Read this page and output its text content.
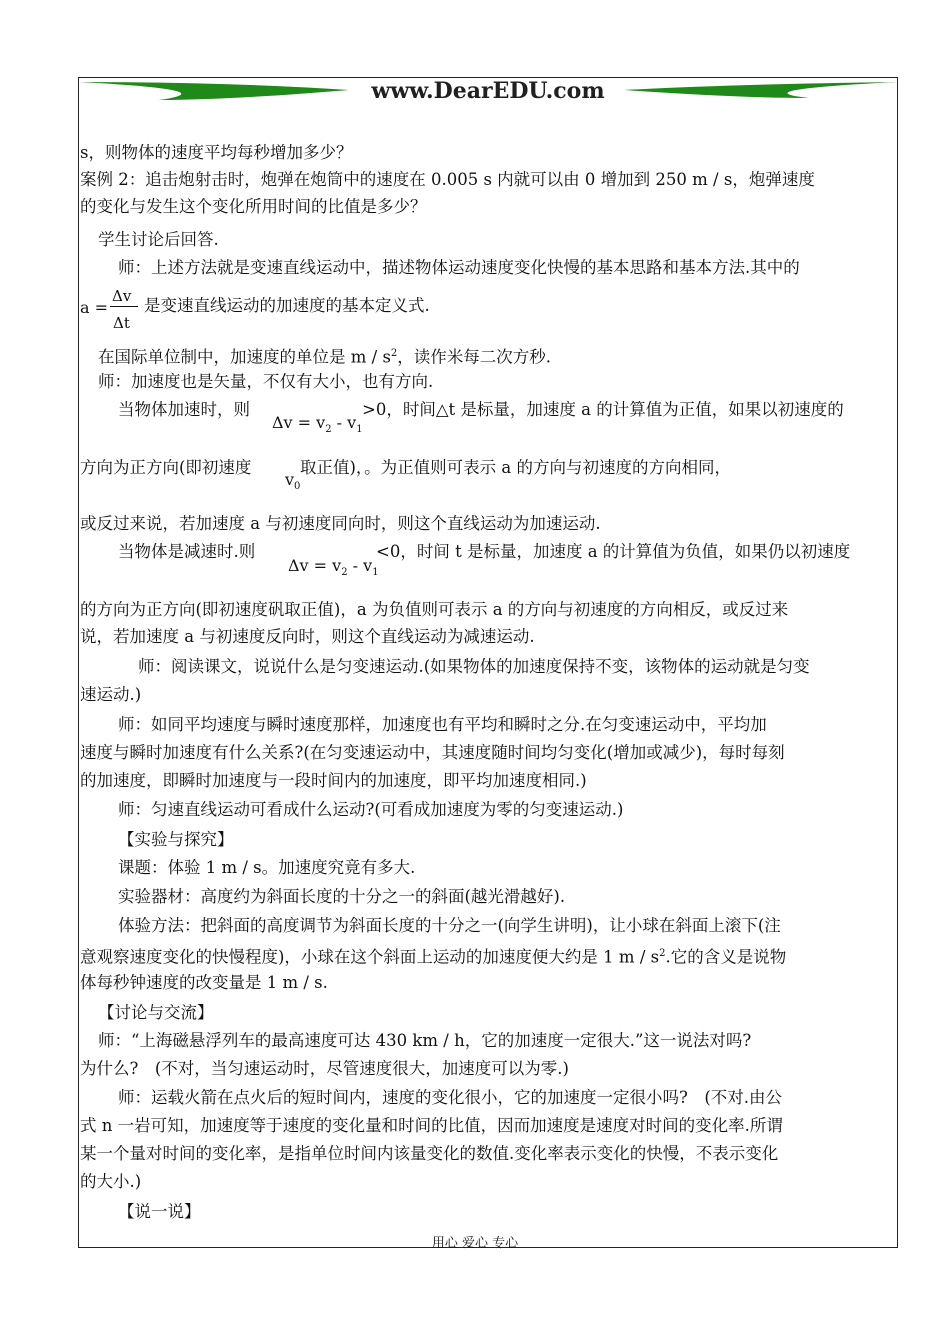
www.DearEDU.com
s，则物体的速度平均每秒增加多少？
案例 2：追击炮射击时，炮弹在炮筒中的速度在 0.005 s 内就可以由 0 增加到 250 m / s，炮弹速度
的变化与发生这个变化所用时间的比值是多少？
学生讨论后回答.
师：上述方法就是变速直线运动中，描述物体运动速度变化快慢的基本思路和基本方法.其中的
a =
Δv
Δt
是变速直线运动的加速度的基本定义式.
在国际单位制中，加速度的单位是 m / $s^2$，读作米每二次方秒.
师：加速度也是矢量，不仅有大小，也有方向.
当物体加速时，则
$\Delta v = v_2 - v_1$
>0，时间△t 是标量，加速度 a 的计算值为正值，如果以初速度的
方向为正方向(即初速度
$v_0$
取正值)，。为正值则可表示 a 的方向与初速度的方向相同，
或反过来说，若加速度 a 与初速度同向时，则这个直线运动为加速运动.
当物体是减速时.则
$\Delta v = v_2 - v_1$
<0，时间 t 是标量，加速度 a 的计算值为负值，如果仍以初速度
的方向为正方向(即初速度矾取正值)，a 为负值则可表示 a 的方向与初速度的方向相反，或反过来
说，若加速度 a 与初速度反向时，则这个直线运动为减速运动.
师：阅读课文，说说什么是匀变速运动.(如果物体的加速度保持不变，该物体的运动就是匀变
速运动.)
师：如同平均速度与瞬时速度那样，加速度也有平均和瞬时之分.在匀变速运动中，平均加
速度与瞬时加速度有什么关系?(在匀变速运动中，其速度随时间均匀变化(增加或减少)，每时每刻
的加速度，即瞬时加速度与一段时间内的加速度，即平均加速度相同.)
师：匀速直线运动可看成什么运动?(可看成加速度为零的匀变速运动.)
【实验与探究】
课题：体验 1 m / s。加速度究竟有多大.
实验器材：高度约为斜面长度的十分之一的斜面(越光滑越好).
体验方法：把斜面的高度调节为斜面长度的十分之一(向学生讲明)，让小球在斜面上滚下(注
意观察速度变化的快慢程度)，小球在这个斜面上运动的加速度便大约是 1 m / $s^2$.它的含义是说物
体每秒钟速度的改变量是 1 m / s.
【讨论与交流】
师：“上海磁悬浮列车的最高速度可达 430 km / h，它的加速度一定很大.”这一说法对吗?
为什么?　(不对，当匀速运动时，尽管速度很大，加速度可以为零.)
师：运载火箭在点火后的短时间内，速度的变化很小，它的加速度一定很小吗?　(不对.由公
式 n 一岩可知，加速度等于速度的变化量和时间的比值，因而加速度是速度对时间的变化率.所谓
某一个量对时间的变化率，是指单位时间内该量变化的数值.变化率表示变化的快慢，不表示变化
的大小.)
【说一说】
用心 爱心 专心
